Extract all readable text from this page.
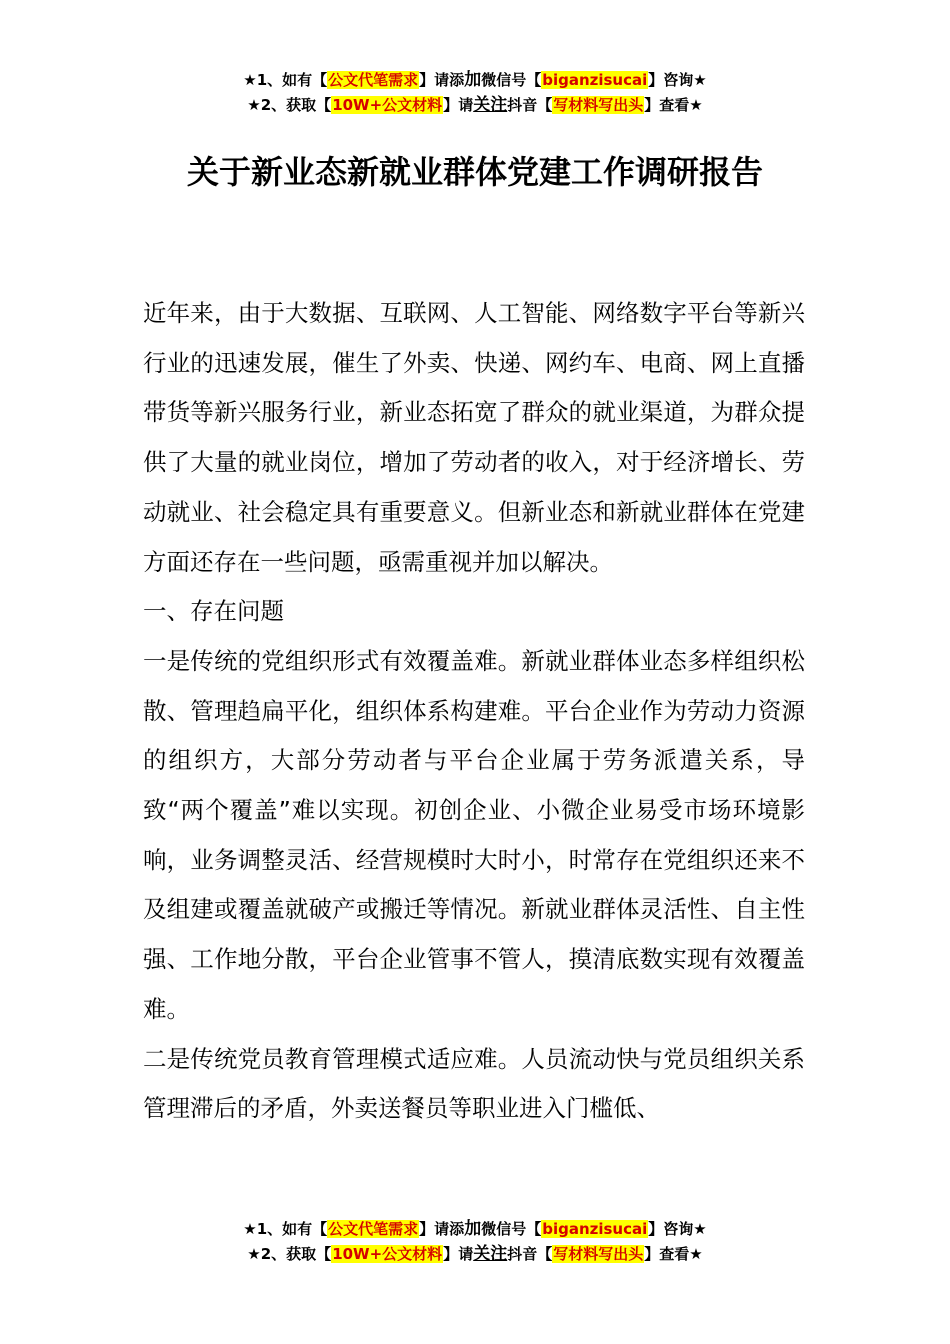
★1、如有【公文代笔需求】请添加微信号【biganzisucai】咨询★
★2、获取【10W+公文材料】请关注抖音【写材料写出头】查看★
关于新业态新就业群体党建工作调研报告

近年来，由于大数据、互联网、人工智能、网络数字平台等新兴行业的迅速发展，催生了外卖、快递、网约车、电商、网上直播带货等新兴服务行业，新业态拓宽了群众的就业渠道，为群众提供了大量的就业岗位，增加了劳动者的收入，对于经济增长、劳动就业、社会稳定具有重要意义。但新业态和新就业群体在党建方面还存在一些问题，亟需重视并加以解决。

一、存在问题

一是传统的党组织形式有效覆盖难。新就业群体业态多样组织松散、管理趋扁平化，组织体系构建难。平台企业作为劳动力资源的组织方，大部分劳动者与平台企业属于劳务派遣关系，导致“两个覆盖”难以实现。初创企业、小微企业易受市场环境影响，业务调整灵活、经营规模时大时小，时常存在党组织还来不及组建或覆盖就破产或搬迁等情况。新就业群体灵活性、自主性强、工作地分散，平台企业管事不管人，摸清底数实现有效覆盖难。

二是传统党员教育管理模式适应难。人员流动快与党员组织关系管理滞后的矛盾，外卖送餐员等职业进入门槛低、

★1、如有【公文代笔需求】请添加微信号【biganzisucai】咨询★
★2、获取【10W+公文材料】请关注抖音【写材料写出头】查看★
